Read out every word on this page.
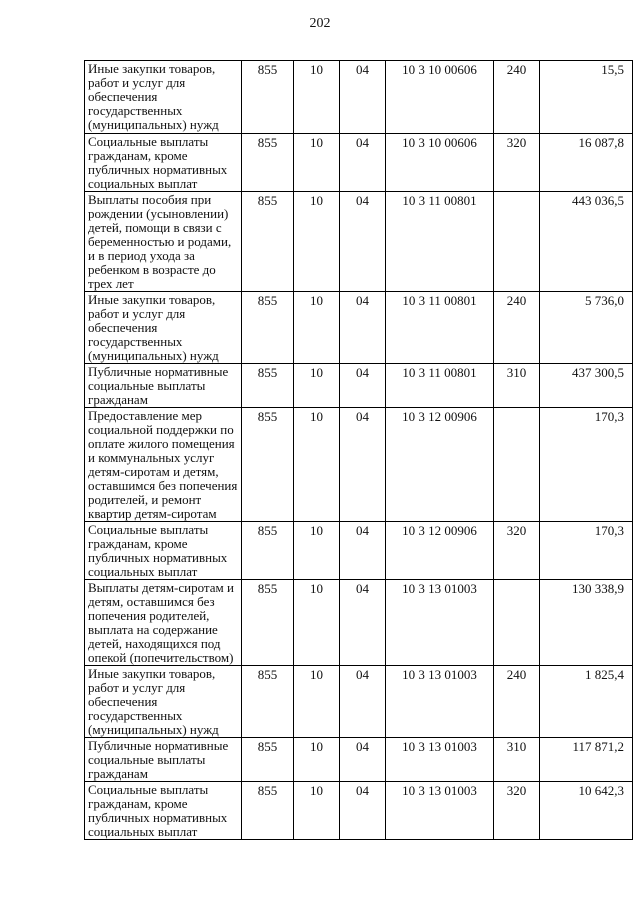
202
Иные закупки товаров, работ и услуг для обеспечения государственных (муниципальных) нужд	855	10	04	10 3 10 00606	240	15,5
Социальные выплаты гражданам, кроме публичных нормативных социальных выплат	855	10	04	10 3 10 00606	320	16 087,8
Выплаты пособия при рождении (усыновлении) детей, помощи в связи с беременностью и родами, и в период ухода за ребенком в возрасте до трех лет	855	10	04	10 3 11 00801		443 036,5
Иные закупки товаров, работ и услуг для обеспечения государственных (муниципальных) нужд	855	10	04	10 3 11 00801	240	5 736,0
Публичные нормативные социальные выплаты гражданам	855	10	04	10 3 11 00801	310	437 300,5
Предоставление мер социальной поддержки по оплате жилого помещения и коммунальных услуг детям-сиротам и детям, оставшимся без попечения родителей, и ремонт квартир детям-сиротам	855	10	04	10 3 12 00906		170,3
Социальные выплаты гражданам, кроме публичных нормативных социальных выплат	855	10	04	10 3 12 00906	320	170,3
Выплаты детям-сиротам и детям, оставшимся без попечения родителей, выплата на содержание детей, находящихся под опекой (попечительством)	855	10	04	10 3 13 01003		130 338,9
Иные закупки товаров, работ и услуг для обеспечения государственных (муниципальных) нужд	855	10	04	10 3 13 01003	240	1 825,4
Публичные нормативные социальные выплаты гражданам	855	10	04	10 3 13 01003	310	117 871,2
Социальные выплаты гражданам, кроме публичных нормативных социальных выплат	855	10	04	10 3 13 01003	320	10 642,3
